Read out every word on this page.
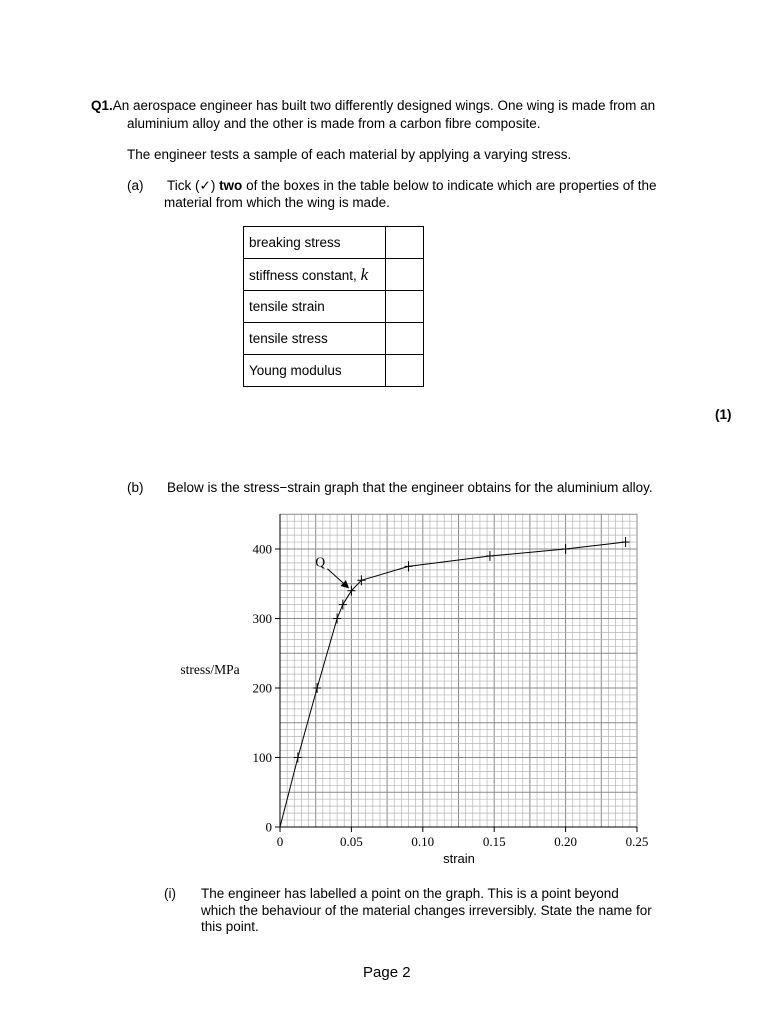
Q1.An aerospace engineer has built two differently designed wings. One wing is made from an
aluminium alloy and the other is made from a carbon fibre composite.
The engineer tests a sample of each material by applying a varying stress.
(a) Tick (✓) two of the boxes in the table below to indicate which are properties of the
material from which the wing is made.
breaking stress	
stiffness constant, k	
tensile strain	
tensile stress	
Young modulus	
(1)
(b) Below is the stress−strain graph that the engineer obtains for the aluminium alloy.
0	0.05	0.10	0.15	0.20	0.25
0
100
200
300
400
strain
stress/MPa
Q
(i) The engineer has labelled a point on the graph. This is a point beyond
which the behaviour of the material changes irreversibly. State the name for
this point.
Page 2
